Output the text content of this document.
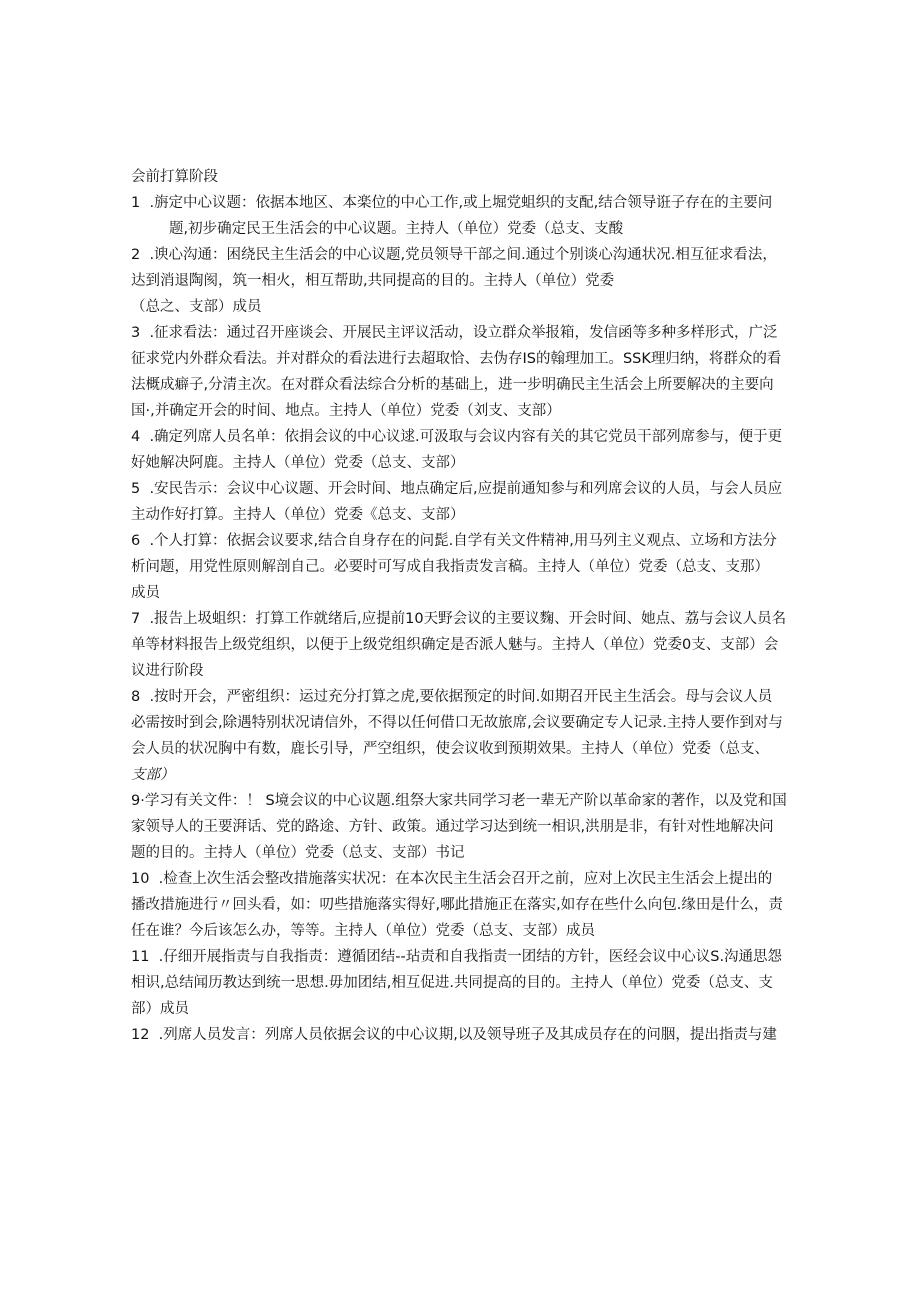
会前打算阶段

1  .旃定中心议题：依据本地区、本楽位的中心工作,或上堀党蛆织的支配,结合领导诳子存在的主要问
题,初步确定民王生活会的中心议题。主持人（单位）党委（总支、支酸

2  .谀心沟通：困绕民主生活会的中心议题,党员领导干部之间.通过个别谈心沟通状况.相互征求看法，
达到消退陶阂，筑一相火，相互帮助,共同提高的目的。主持人（单位）党委
（总之、支部）成员

3  .征求看法：通过召开座谈会、开展民主评议活动，设立群众举报箱，发信函等多种多样形式，广泛
征求党内外群众看法。并对群众的看法进行去超取恰、去伪存IS的翰理加工。SSK理归纳，将群众的看
法概成癖子,分清主次。在对群众看法综合分析的基础上，进一步明确民主生活会上所要解决的主要向
国·,并确定开会的时间、地点。主持人（单位）党委（刘支、支部）

4  .确定列席人员名单：依捐会议的中心议逑.可汲取与会议内容有关的其它党员干部列席参与，便于更
好她解决阿鹿。主持人（单位）党委（总支、支部）

5  .安民告示：会议中心议题、开会时间、地点确定后,应提前通知参与和列席会议的人员，与会人员应
主动作好打算。主持人（单位）党委《总支、支部）

6  .个人打算：依据会议要求,结合自身存在的问髭.自学有关文件精神,用马列主义观点、立场和方法分
析问题，用党性原则解剖自己。必要时可写成自我指责发言稿。主持人（单位）党委（总支、支那）
成员

7  .报告上圾蛆织：打算工作就绪后,应提前10天野会议的主要议麴、开会时间、她点、荔与会议人员名
单等材料报告上级党组织，以便于上级党组织确定是否派人魅与。主持人（单位）党委0支、支部）会
议进行阶段

8  .按时开会，严密组织：运过充分打算之虎,要依据预定的时间.如期召开民主生活会。母与会议人员
必需按时到会,除遇特别状况请信外，不得以任何借口无故旅席,会议要确定专人记录.主持人要作到对与
会人员的状况胸中有数，鹿长引导，严空组织，使会议收到预期效果。主持人（单位）党委（总支、
支部）

9·学习有关文件：！ S境会议的中心议题.组祭大家共同学习老一辈无产阶以革命家的著作，以及党和国
家领导人的王要湃话、党的路途、方针、政策。通过学习达到统一相识,洪朋是非，有针对性地解决问
题的目的。主持人（单位）党委（总支、支部）书记

10  .检查上次生活会整改措施落实状况：在本次民主生活会召开之前，应对上次民主生活会上提出的
播改措施进行〃回头看，如：叨些措施落实得好,哪此措施正在落实,如存在些什么向包.缘田是什么，责
任在谁？今后该怎么办，等等。主持人（单位）党委（总支、支部）成员

11  .仔细开展指责与自我指责：遵循团结--玷责和自我指责一团结的方针，医经会议中心议S.沟通思怨
相识,总结闻历教达到统一思想.毋加团结,相互促进.共同提高的目的。主持人（单位）党委（总支、支
部）成员

12  .列席人员发言：列席人员依据会议的中心议期,以及领导班子及其成员存在的问胭，提出指责与建
